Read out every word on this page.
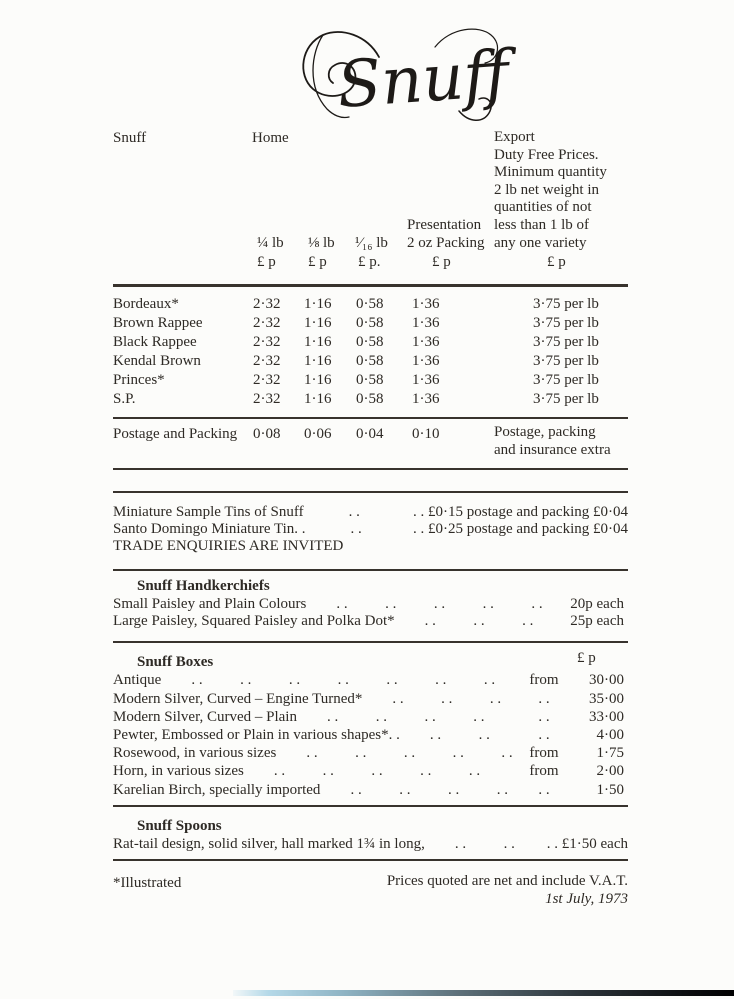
Snuff

Snuff	Home	Export
Duty Free Prices.
Minimum quantity
2 lb net weight in
quantities of not
less than 1 lb of
any one variety
Presentation
2 oz Packing
¼ lb ⅛ lb ¹⁄₁₆ lb
£ p £ p £ p.	£ p	£ p
Bordeaux*	2·32 1·16 0·58 1·36	3·75 per lb
Brown Rappee	2·32 1·16 0·58 1·36	3·75 per lb
Black Rappee	2·32 1·16 0·58 1·36	3·75 per lb
Kendal Brown	2·32 1·16 0·58 1·36	3·75 per lb
Princes*	2·32 1·16 0·58 1·36	3·75 per lb
S.P.	2·32 1·16 0·58 1·36	3·75 per lb
Postage and Packing 0·08 0·06 0·04 0·10	Postage, packing
and insurance extra
Miniature Sample Tins of Snuff . .	. . £0·15 postage and packing £0·04
Santo Domingo Miniature Tin. . . .	. . £0·25 postage and packing £0·04
TRADE ENQUIRIES ARE INVITED
Snuff Handkerchiefs
Small Paisley and Plain Colours . .          . .          . .          . .          . .	20p each
Large Paisley, Squared Paisley and Polka Dot* . .          . .          . .	25p each
Snuff Boxes	£ p
Antique . .          . .          . .          . .          . .          . .          . .	from	30·00
Modern Silver, Curved – Engine Turned* . .          . .          . .	. .	35·00
Modern Silver, Curved – Plain . .          . .          . .          . .	. .	33·00
Pewter, Embossed or Plain in various shapes*. . . .          . .	. .	4·00
Rosewood, in various sizes . .          . .          . .          . .          . .	from	1·75
Horn, in various sizes . .          . .          . .          . .          . .	from	2·00
Karelian Birch, specially imported . .          . .          . .          . .	. .	1·50
Snuff Spoons
Rat-tail design, solid silver, hall marked 1¾ in long, . .          . .	. . £1·50 each
*Illustrated	Prices quoted are net and include V.A.T.
1st July, 1973
